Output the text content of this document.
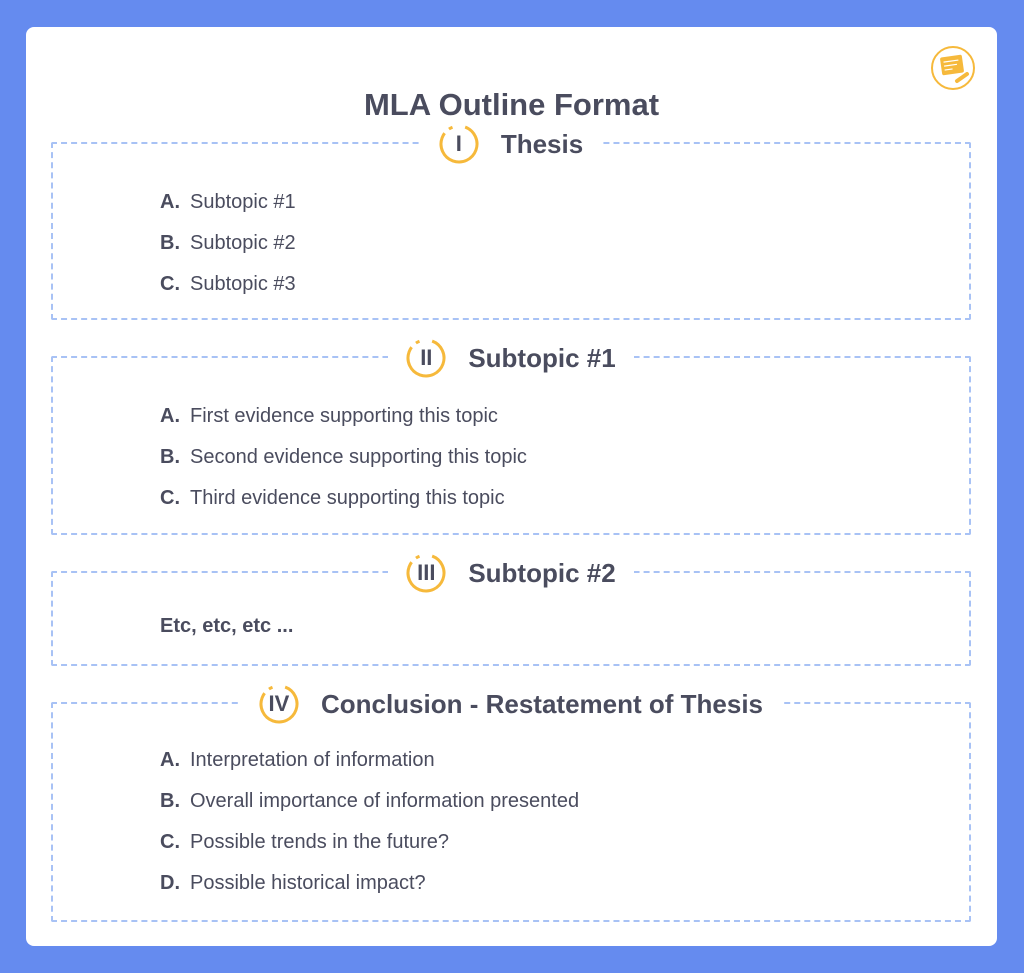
MLA Outline Format
I Thesis
A. Subtopic #1
B. Subtopic #2
C. Subtopic #3
II Subtopic #1
A. First evidence supporting this topic
B. Second evidence supporting this topic
C. Third evidence supporting this topic
III Subtopic #2
Etc, etc, etc ...
IV Conclusion - Restatement of Thesis
A. Interpretation of information
B. Overall importance of information presented
C. Possible trends in the future?
D. Possible historical impact?
